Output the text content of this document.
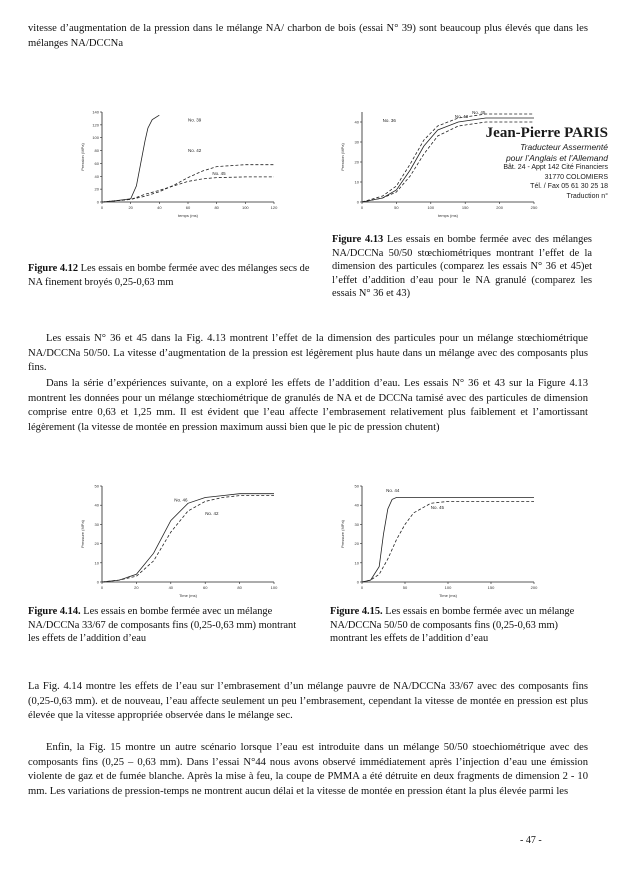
vitesse d’augmentation de la pression dans le mélange NA/ charbon de bois (essai N° 39) sont beaucoup plus élevés que dans les mélanges NA/DCCNa

0	20	40	60	80	100	120
0
20
40
60
80
100
120
140
temps (ms)
Pression (MPa)
No. 39
No. 42
No. 45
0	50	100	150	200	250
0
10
20
30
40
temps (ms)
Pression (MPa)
No. 36
No. 43
No. 45
Jean-Pierre PARIS
Traducteur Assermenté
pour l’Anglais et l’Allemand
Bât. 24 - Appt 142 Cité Financiers
31770 COLOMIERS
Tél. / Fax 05 61 30 25 18
Traduction n°

Figure 4.12 Les essais en bombe fermée avec des mélanges secs de NA finement broyés 0,25-0,63 mm

Figure 4.13 Les essais en bombe fermée avec des mélanges NA/DCCNa 50/50 stœchiométriques montrant l’effet de la dimension des particules (comparez les essais N° 36 et 45)et l’effet d’addition d’eau pour le NA granulé (comparez les essais N° 36 et 43)

Les essais N° 36 et 45 dans la Fig. 4.13 montrent l’effet de la dimension des particules pour un mélange stœchiométrique NA/DCCNa 50/50. La vitesse d’augmentation de la pression est légèrement plus haute dans un mélange avec des composants plus fins.

Dans la série d’expériences suivante, on a exploré les effets de l’addition d’eau. Les essais N° 36 et 43 sur la Figure 4.13 montrent les données pour un mélange stœchiométrique de granulés de NA et de DCCNa tamisé avec des particules de dimension comprise entre 0,63 et 1,25 mm. Il est évident que l’eau affecte l’embrasement relativement plus faiblement et l’amortissant légèrement (la vitesse de montée en pression maximum aussi bien que le pic de pression chutent)

0	20	40	60	80	100
0
10
20
30
40
50
Time (ms)
Pressure (MPa)
No. 46
No. 42
0	50	100	150	200
0
10
20
30
40
50
Time (ms)
Pressure (MPa)
No. 44
No. 45

Figure 4.14. Les essais en bombe fermée avec un mélange NA/DCCNa 33/67 de composants fins (0,25-0,63 mm) montrant les effets de l’addition d’eau

Figure 4.15. Les essais en bombe fermée avec un mélange NA/DCCNa 50/50 de composants fins (0,25-0,63 mm) montrant les effets de l’addition d’eau

La Fig. 4.14 montre les effets de l’eau sur l’embrasement d’un mélange pauvre de NA/DCCNa 33/67 avec des composants fins (0,25-0,63 mm). et de nouveau, l’eau affecte seulement un peu l’embrasement, cependant la vitesse de montée en pression est plus élevée que la vitesse appropriée observée dans le mélange sec.

Enfin, la Fig. 15 montre un autre scénario lorsque l’eau est introduite dans un mélange 50/50 stoechiométrique avec des composants fins (0,25 – 0,63 mm). Dans l’essai N°44 nous avons observé immédiatement après l’injection d’eau une émission violente de gaz et de fumée blanche. Après la mise à feu, la coupe de PMMA a été détruite en deux fragments de dimension 2 - 10 mm. Les variations de pression-temps ne montrent aucun délai et la vitesse de montée en pression étant la plus élevée parmi les

- 47 -
